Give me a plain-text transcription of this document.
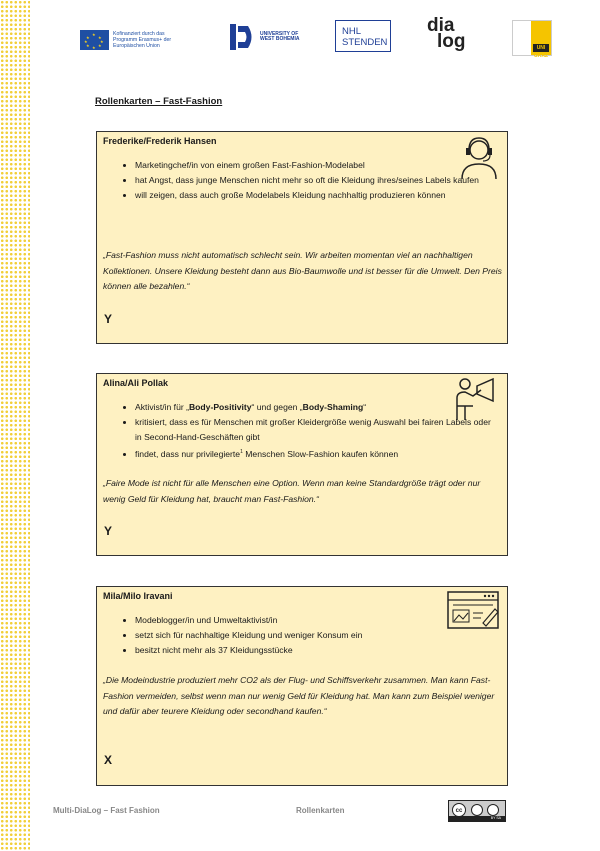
★
★ ★
★	★
★ ★
★
Kofinanziert durch das Programm Erasmus+ der Europäischen Union
UNIVERSITY OF WEST BOHEMIA
NHL
STENDEN
dia
log	UNI GRAZ
Rollenkarten – Fast-Fashion
Frederike/Frederik Hansen
• Marketingchef/in von einem großen Fast-Fashion-Modelabel
• hat Angst, dass junge Menschen nicht mehr so oft die Kleidung ihres/seines Labels kaufen
• will zeigen, dass auch große Modelabels Kleidung nachhaltig produzieren können
„Fast-Fashion muss nicht automatisch schlecht sein. Wir arbeiten momentan viel an nachhaltigen Kollektionen. Unsere Kleidung besteht dann aus Bio-Baumwolle und ist besser für die Umwelt. Den Preis können alle bezahlen.“
Y
Alina/Ali Pollak
• Aktivist/in für „Body-Positivity“ und gegen „Body-Shaming“
• kritisiert, dass es für Menschen mit großer Kleidergröße wenig Auswahl bei fairen Labels oder in Second-Hand-Geschäften gibt
• findet, dass nur privilegierte$^1$ Menschen Slow-Fashion kaufen können
„Faire Mode ist nicht für alle Menschen eine Option. Wenn man keine Standardgröße trägt oder nur wenig Geld für Kleidung hat, braucht man Fast-Fashion.“
Y
Mila/Milo Iravani
• Modeblogger/in und Umweltaktivist/in
• setzt sich für nachhaltige Kleidung und weniger Konsum ein
• besitzt nicht mehr als 37 Kleidungsstücke
„Die Modeindustrie produziert mehr CO2 als der Flug- und Schiffsverkehr zusammen. Man kann Fast-Fashion vermeiden, selbst wenn man nur wenig Geld für Kleidung hat. Man kann zum Beispiel weniger und dafür aber teurere Kleidung oder secondhand kaufen.“
X
Multi-DiaLog – Fast Fashion	Rollenkarten	cc
BY SA
